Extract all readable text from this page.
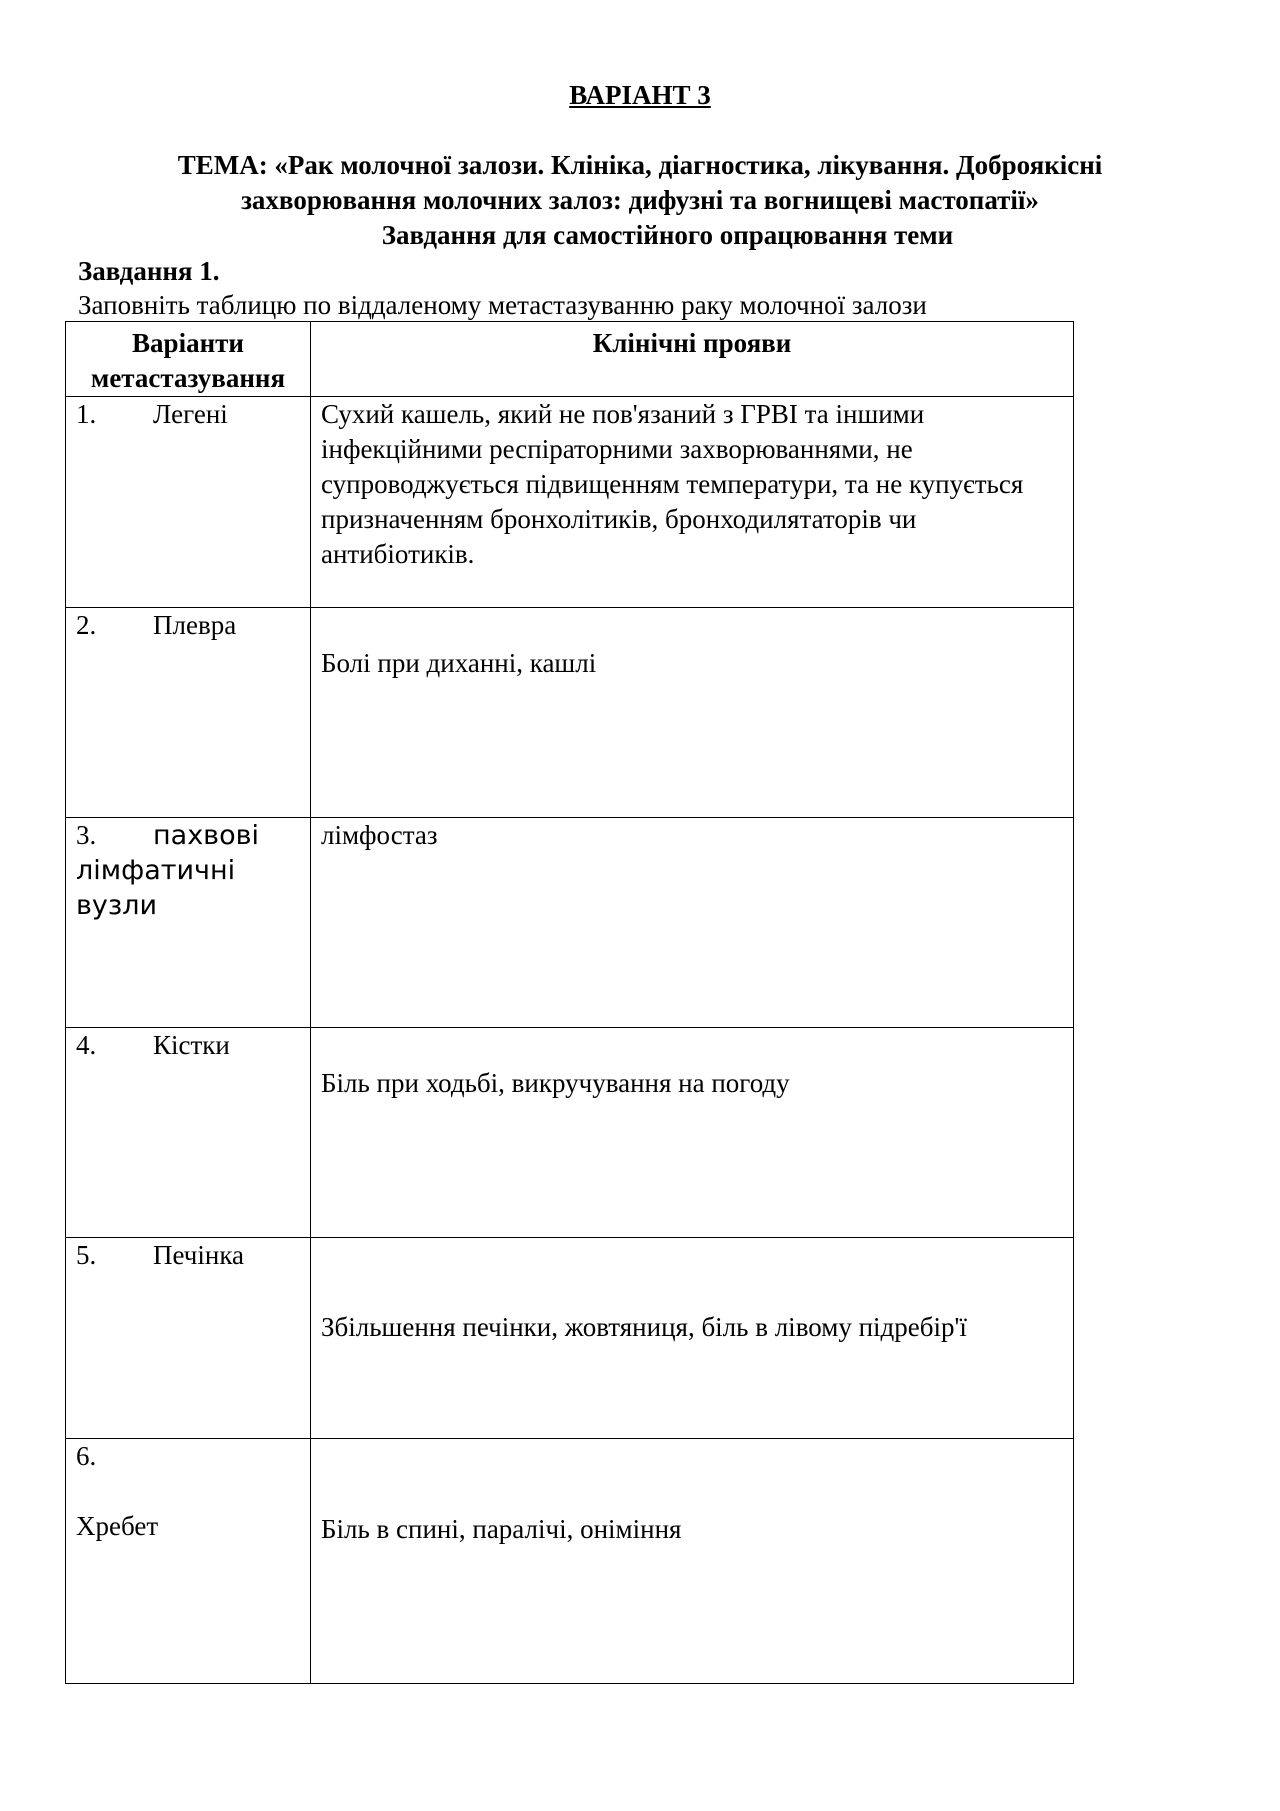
ВАРІАНТ 3
ТЕМА: «Рак молочної залози. Клініка, діагностика, лікування. Доброякісні захворювання молочних залоз: дифузні та вогнищеві мастопатії»
Завдання для самостійного опрацювання теми
Завдання 1.
Заповніть таблицю по віддаленому метастазуванню раку молочної залози
Варіанти метастазування	Клінічні прояви
1. Легені	Сухий кашель, який не пов'язаний з ГРВІ та іншими інфекційними респіраторними захворюваннями, не супроводжується підвищенням температури, та не купується призначенням бронхолітиків, бронходилятаторів чи антибіотиків.
2. Плевра	Болі при диханні, кашлі
3. пахвові лімфатичні вузли	лімфостаз
4. Кістки	Біль при ходьбі, викручування на погоду
5. Печінка	Збільшення печінки, жовтяниця, біль в лівому підребір'ї

6.
Хребет	Біль в спині, паралічі, оніміння
